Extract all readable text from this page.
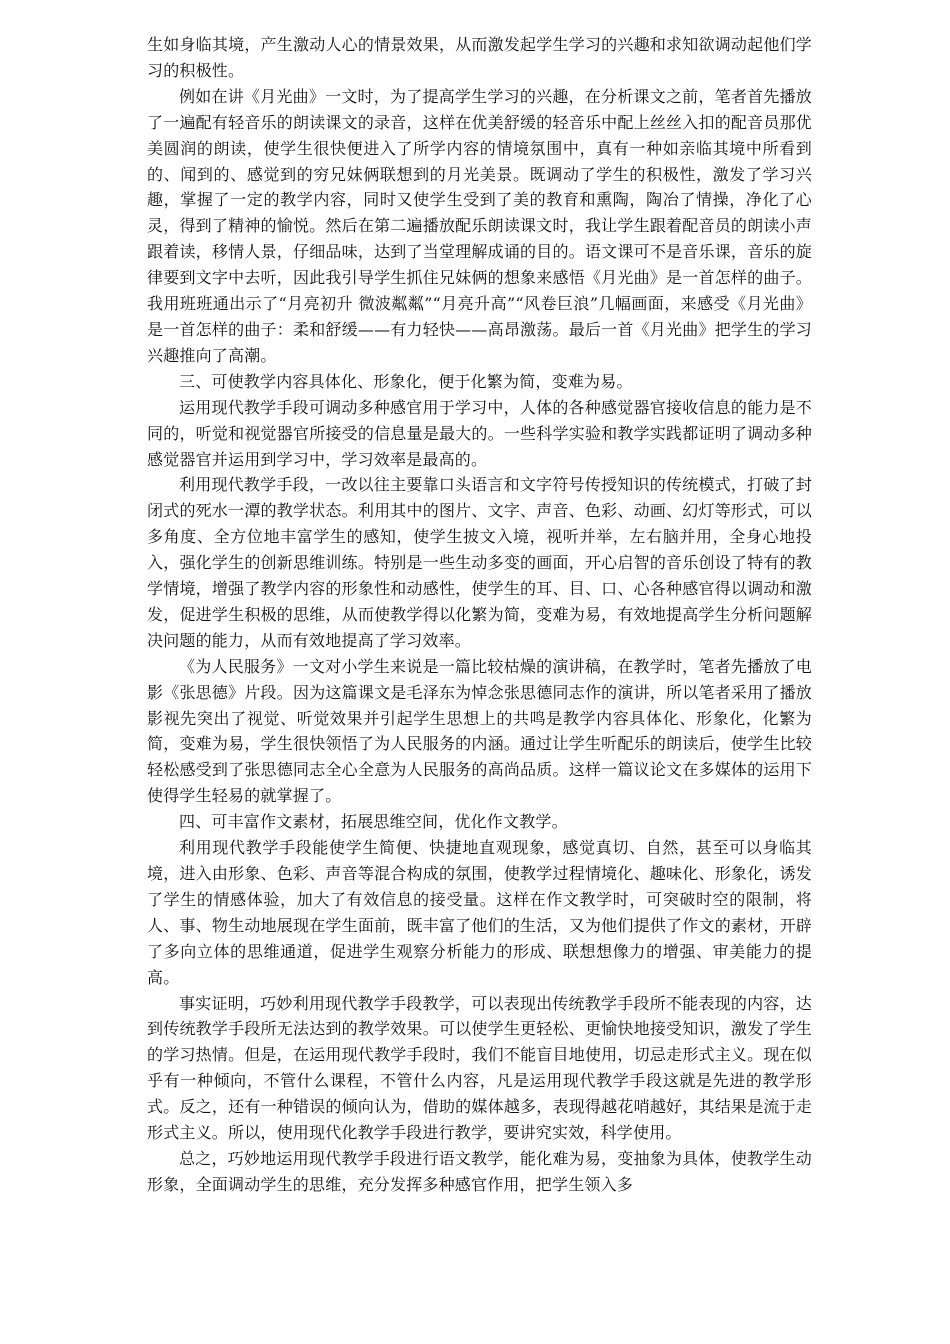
生如身临其境，产生激动人心的情景效果，从而激发起学生学习的兴趣和求知欲调动起他们学习的积极性。

例如在讲《月光曲》一文时，为了提高学生学习的兴趣，在分析课文之前，笔者首先播放了一遍配有轻音乐的朗读课文的录音，这样在优美舒缓的轻音乐中配上丝丝入扣的配音员那优美圆润的朗读，使学生很快便进入了所学内容的情境氛围中，真有一种如亲临其境中所看到的、闻到的、感觉到的穷兄妹俩联想到的月光美景。既调动了学生的积极性，激发了学习兴趣，掌握了一定的教学内容，同时又使学生受到了美的教育和熏陶，陶冶了情操，净化了心灵，得到了精神的愉悦。然后在第二遍播放配乐朗读课文时，我让学生跟着配音员的朗读小声跟着读，移情人景，仔细品味，达到了当堂理解成诵的目的。语文课可不是音乐课，音乐的旋律要到文字中去听，因此我引导学生抓住兄妹俩的想象来感悟《月光曲》是一首怎样的曲子。我用班班通出示了“月亮初升 微波粼粼”“月亮升高”“风卷巨浪”几幅画面，来感受《月光曲》是一首怎样的曲子：柔和舒缓——有力轻快——高昂激荡。最后一首《月光曲》把学生的学习兴趣推向了高潮。

三、可使教学内容具体化、形象化，便于化繁为简，变难为易。

运用现代教学手段可调动多种感官用于学习中，人体的各种感觉器官接收信息的能力是不同的，听觉和视觉器官所接受的信息量是最大的。一些科学实验和教学实践都证明了调动多种感觉器官并运用到学习中，学习效率是最高的。

利用现代教学手段，一改以往主要靠口头语言和文字符号传授知识的传统模式，打破了封闭式的死水一潭的教学状态。利用其中的图片、文字、声音、色彩、动画、幻灯等形式，可以多角度、全方位地丰富学生的感知，使学生披文入境，视听并举，左右脑并用，全身心地投入，强化学生的创新思维训练。特别是一些生动多变的画面，开心启智的音乐创设了特有的教学情境，增强了教学内容的形象性和动感性，使学生的耳、目、口、心各种感官得以调动和激发，促进学生积极的思维，从而使教学得以化繁为简，变难为易，有效地提高学生分析问题解决问题的能力，从而有效地提高了学习效率。

《为人民服务》一文对小学生来说是一篇比较枯燥的演讲稿，在教学时，笔者先播放了电影《张思德》片段。因为这篇课文是毛泽东为悼念张思德同志作的演讲，所以笔者采用了播放影视先突出了视觉、听觉效果并引起学生思想上的共鸣是教学内容具体化、形象化，化繁为简，变难为易，学生很快领悟了为人民服务的内涵。通过让学生听配乐的朗读后，使学生比较轻松感受到了张思德同志全心全意为人民服务的高尚品质。这样一篇议论文在多媒体的运用下使得学生轻易的就掌握了。

四、可丰富作文素材，拓展思维空间，优化作文教学。

利用现代教学手段能使学生简便、快捷地直观现象，感觉真切、自然，甚至可以身临其境，进入由形象、色彩、声音等混合构成的氛围，使教学过程情境化、趣味化、形象化，诱发了学生的情感体验，加大了有效信息的接受量。这样在作文教学时，可突破时空的限制，将人、事、物生动地展现在学生面前，既丰富了他们的生活，又为他们提供了作文的素材，开辟了多向立体的思维通道，促进学生观察分析能力的形成、联想想像力的增强、审美能力的提高。

事实证明，巧妙利用现代教学手段教学，可以表现出传统教学手段所不能表现的内容，达到传统教学手段所无法达到的教学效果。可以使学生更轻松、更愉快地接受知识，激发了学生的学习热情。但是，在运用现代教学手段时，我们不能盲目地使用，切忌走形式主义。现在似乎有一种倾向，不管什么课程，不管什么内容，凡是运用现代教学手段这就是先进的教学形式。反之，还有一种错误的倾向认为，借助的媒体越多，表现得越花哨越好，其结果是流于走形式主义。所以，使用现代化教学手段进行教学，要讲究实效，科学使用。

总之，巧妙地运用现代教学手段进行语文教学，能化难为易，变抽象为具体，使教学生动形象，全面调动学生的思维，充分发挥多种感官作用，把学生领入多
